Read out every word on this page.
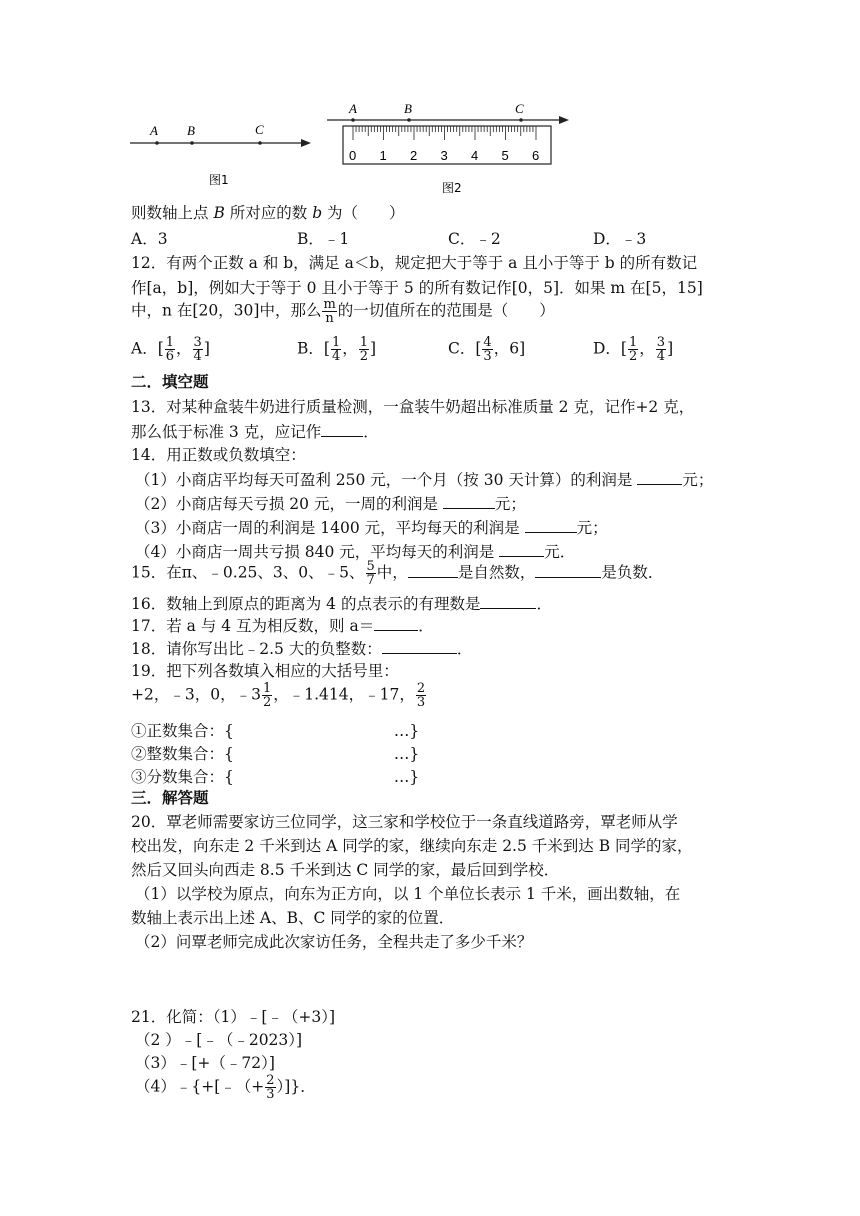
A B	C
图1
0 1 2 3 4 5 6
A	B	C
图2
则数轴上点 B 所对应的数 b 为（　　）
A．3	B．﹣1	C．﹣2	D．﹣3
12．有两个正数 a 和 b，满足 a＜b，规定把大于等于 a 且小于等于 b 的所有数记
作[a，b]，例如大于等于 0 且小于等于 5 的所有数记作[0，5]．如果 m 在[5，15]
中，n 在[20，30]中，那么 $\frac{m}{n}$ 的一切值所在的范围是（　　）
A．[ $\frac{1}{6}$ ， $\frac{3}{4}$ ]	B．[ $\frac{1}{4}$ ， $\frac{1}{2}$ ]	C．[ $\frac{4}{3}$ ，6]	D．[ $\frac{1}{2}$ ， $\frac{3}{4}$ ]
二．填空题
13．对某种盒装牛奶进行质量检测，一盒装牛奶超出标准质量 2 克，记作+2 克，
那么低于标准 3 克，应记作	．
14．用正数或负数填空：
（1）小商店平均每天可盈利 250 元，一个月（按 30 天计算）的利润是	元；
（2）小商店每天亏损 20 元，一周的利润是	元；
（3）小商店一周的利润是 1400 元，平均每天的利润是	元；
（4）小商店一周共亏损 840 元，平均每天的利润是	元．
15．在π、﹣0.25、3、0、﹣5、 $\frac{5}{7}$ 中，	是自然数，	是负数．
16．数轴上到原点的距离为 4 的点表示的有理数是	．
17．若 a 与 4 互为相反数，则 a＝	．
18．请你写出比﹣2.5 大的负整数：	．
19．把下列各数填入相应的大括号里：
+2，﹣3，0，﹣3 $\frac{1}{2}$ ，﹣1.414，﹣17， $\frac{2}{3}$
①正数集合：{	…}
②整数集合：{	…}
③分数集合：{	…}
三．解答题
20．覃老师需要家访三位同学，这三家和学校位于一条直线道路旁，覃老师从学
校出发，向东走 2 千米到达 A 同学的家，继续向东走 2.5 千米到达 B 同学的家，
然后又回头向西走 8.5 千米到达 C 同学的家，最后回到学校．
（1）以学校为原点，向东为正方向，以 1 个单位长表示 1 千米，画出数轴，在
数轴上表示出上述 A、B、C 同学的家的位置．
（2）问覃老师完成此次家访任务，全程共走了多少千米？
21．化简：（1）﹣[﹣（+3）]
（2 ）﹣[﹣（﹣2023）]
（3）﹣[+（﹣72）]
（4）﹣{+[﹣（+ $\frac{2}{3}$ ）]}．
